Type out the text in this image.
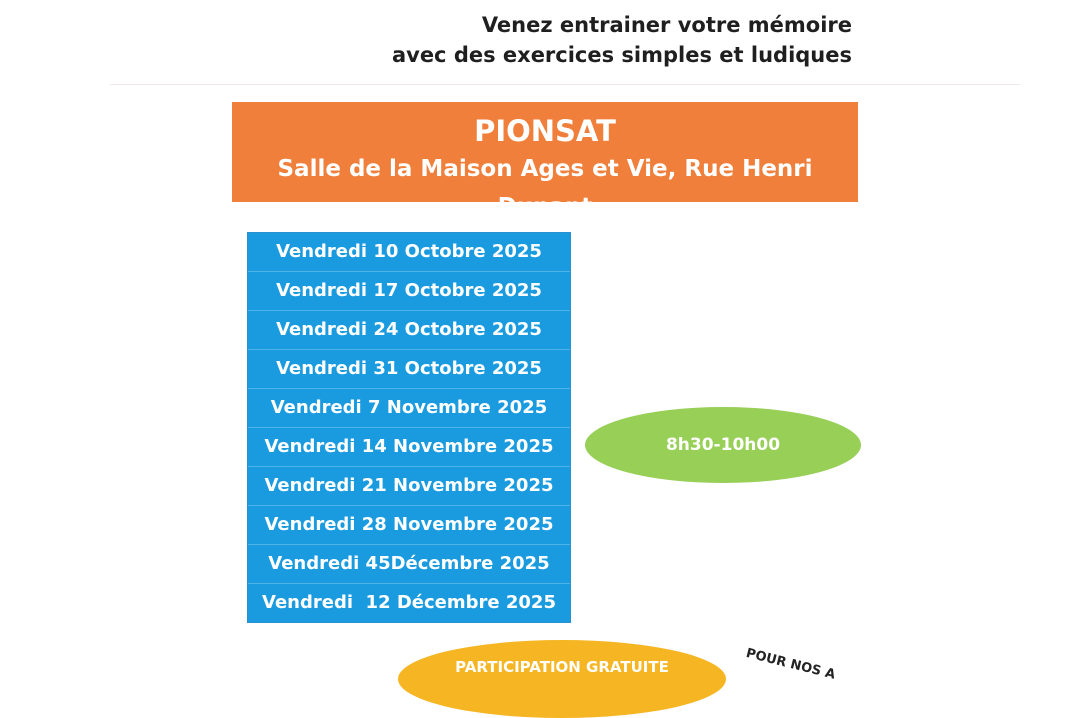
Venez entrainer votre mémoire
avec des exercices simples et ludiques
PIONSAT
Salle de la Maison Ages et Vie, Rue Henri Dunant
Vendredi 10 Octobre 2025
Vendredi 17 Octobre 2025
Vendredi 24 Octobre 2025
Vendredi 31 Octobre 2025
Vendredi 7 Novembre 2025
Vendredi 14 Novembre 2025
Vendredi 21 Novembre 2025
Vendredi 28 Novembre 2025
Vendredi 45Décembre 2025
Vendredi  12 Décembre 2025
8h30-10h00
PARTICIPATION GRATUITE	POUR NOS A
